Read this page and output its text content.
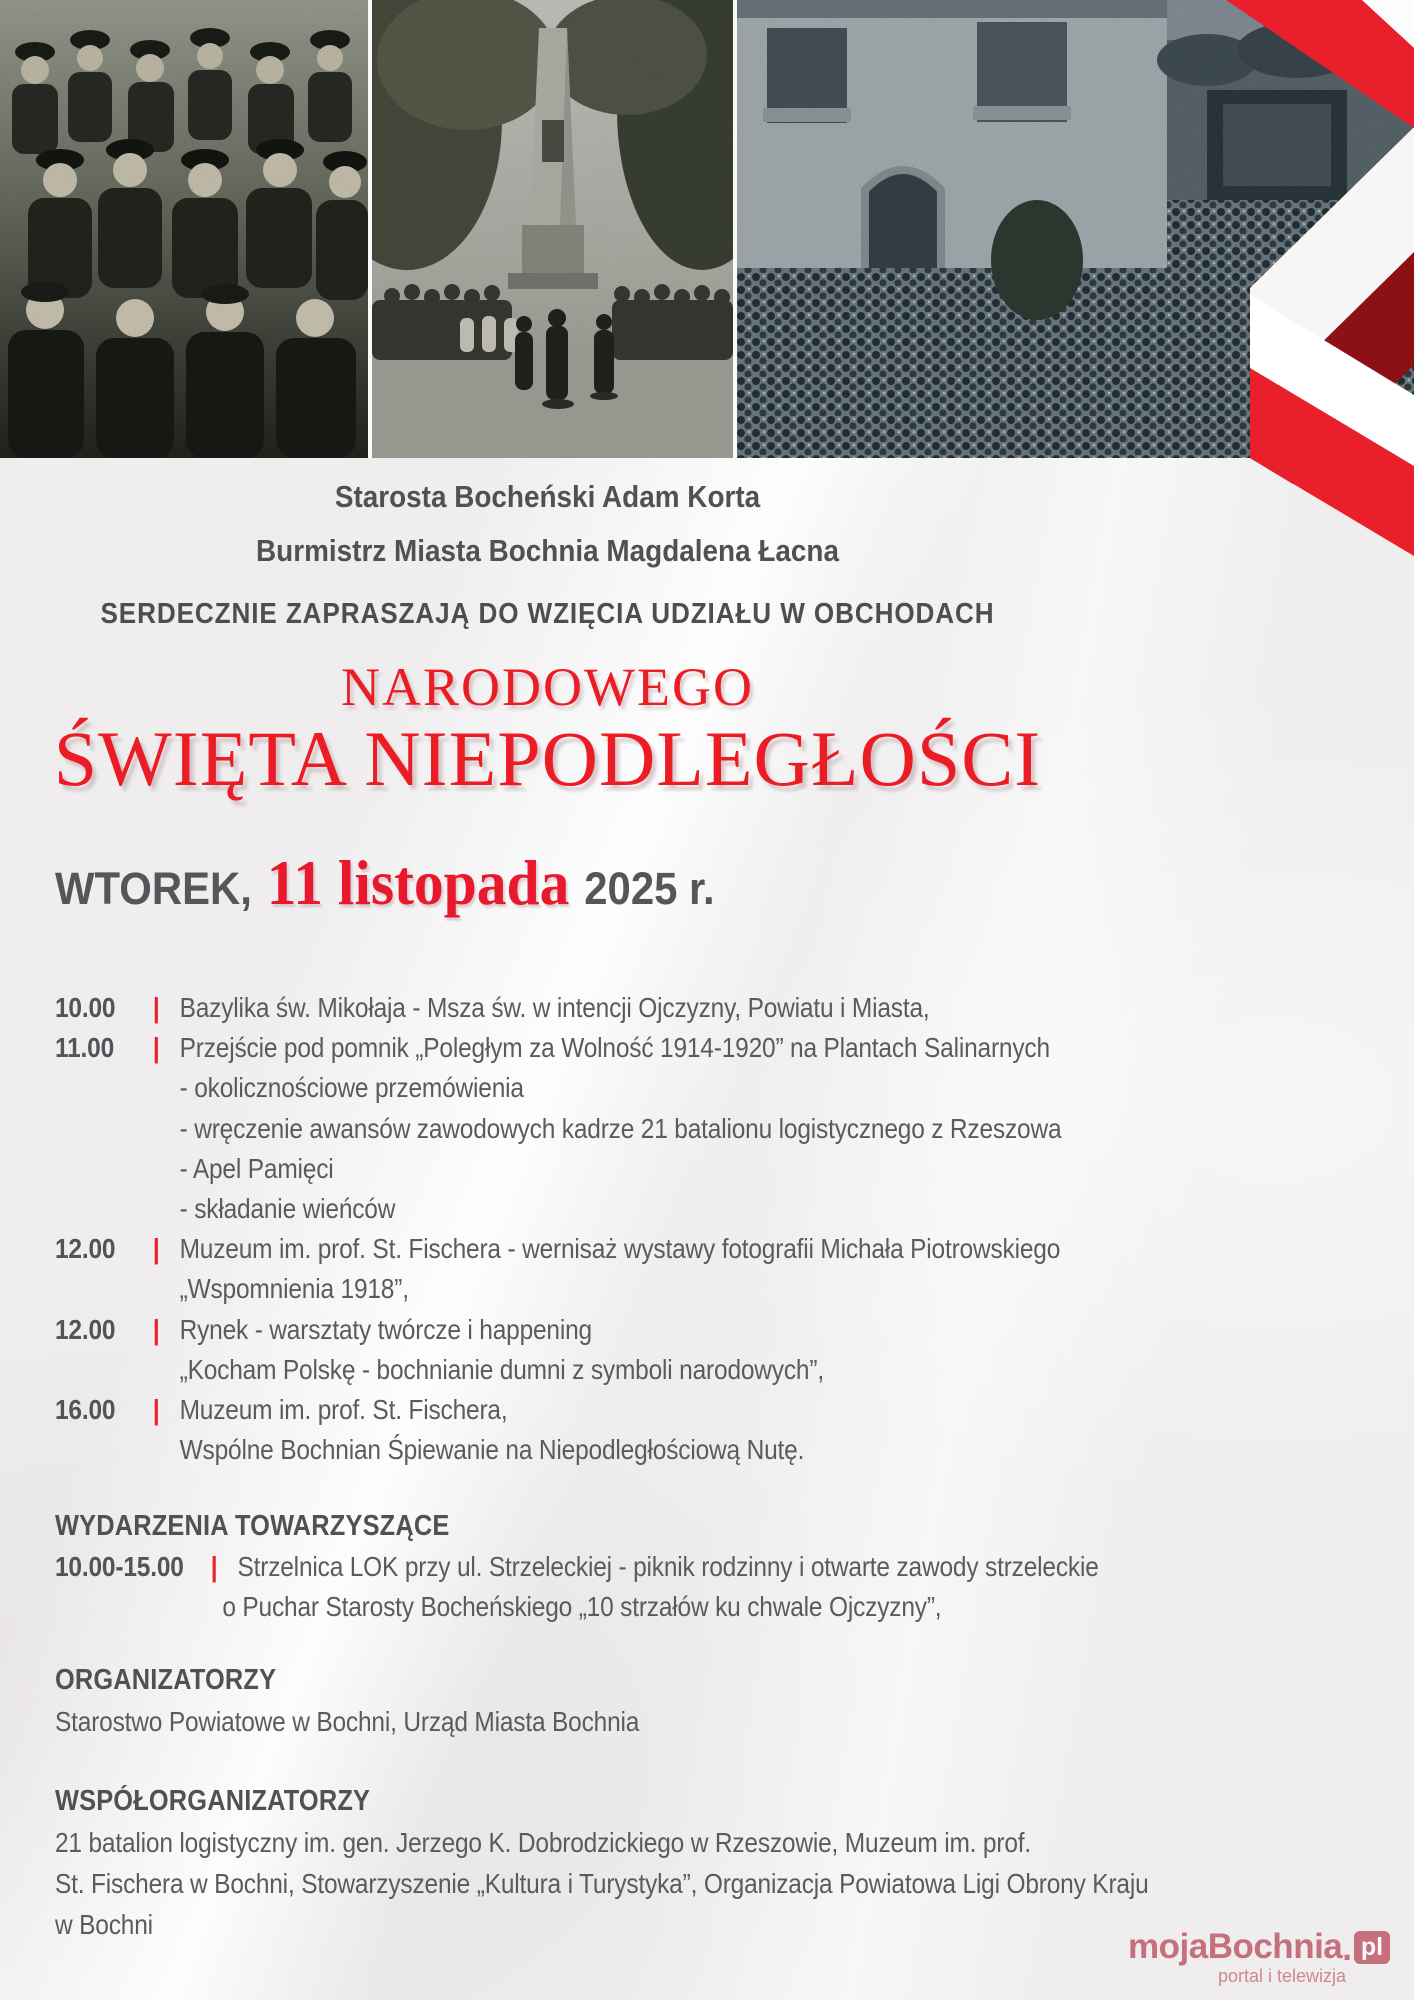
Starosta Bocheński Adam Korta
Burmistrz Miasta Bochnia Magdalena Łacna
SERDECZNIE ZAPRASZAJĄ DO WZIĘCIA UDZIAŁU W OBCHODACH
NARODOWEGO
ŚWIĘTA NIEPODLEGŁOŚCI
WTOREK, 11 listopada 2025 r.
10.00	| Bazylika św. Mikołaja - Msza św. w intencji Ojczyzny, Powiatu i Miasta,
11.00	| Przejście pod pomnik „Poległym za Wolność 1914-1920” na Plantach Salinarnych
- okolicznościowe przemówienia
- wręczenie awansów zawodowych kadrze 21 batalionu logistycznego z Rzeszowa
- Apel Pamięci
- składanie wieńców
12.00	| Muzeum im. prof. St. Fischera - wernisaż wystawy fotografii Michała Piotrowskiego
„Wspomnienia 1918”,
12.00	| Rynek - warsztaty twórcze i happening
„Kocham Polskę - bochnianie dumni z symboli narodowych”,
16.00	| Muzeum im. prof. St. Fischera,
Wspólne Bochnian Śpiewanie na Niepodległościową Nutę.
WYDARZENIA TOWARZYSZĄCE
10.00-15.00 | Strzelnica LOK przy ul. Strzeleckiej - piknik rodzinny i otwarte zawody strzeleckie
o Puchar Starosty Bocheńskiego „10 strzałów ku chwale Ojczyzny”,
ORGANIZATORZY
Starostwo Powiatowe w Bochni, Urząd Miasta Bochnia
WSPÓŁORGANIZATORZY
21 batalion logistyczny im. gen. Jerzego K. Dobrodzickiego w Rzeszowie, Muzeum im. prof.
St. Fischera w Bochni, Stowarzyszenie „Kultura i Turystyka”, Organizacja Powiatowa Ligi Obrony Kraju
w Bochni
mojaBochnia . pl
portal i telewizja
